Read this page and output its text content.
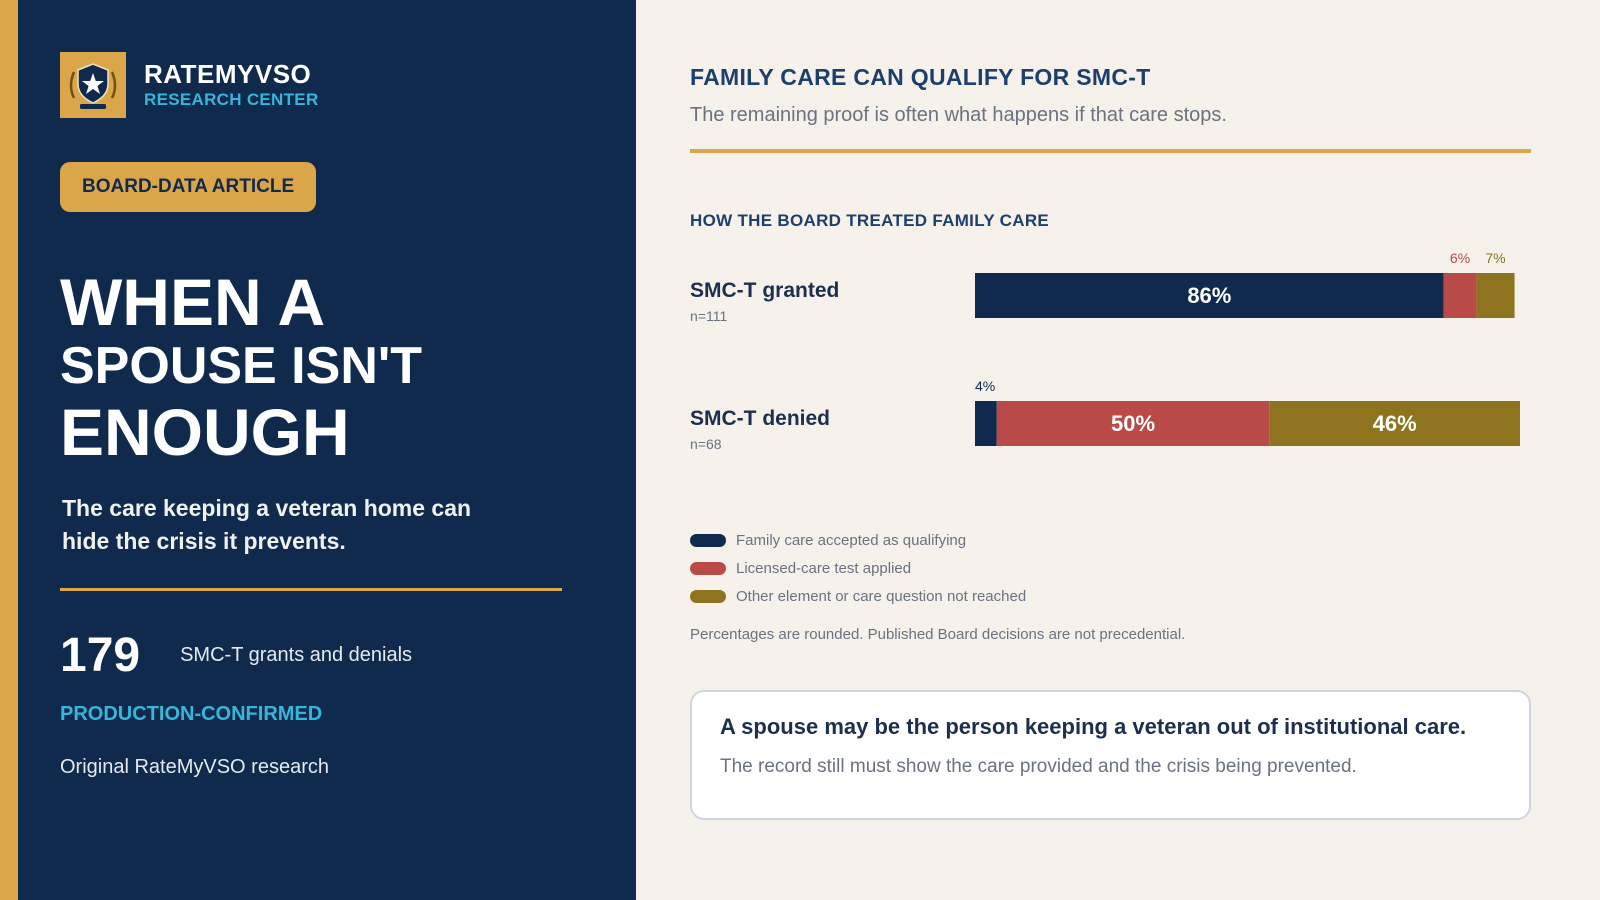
RATEMYVSO
RESEARCH CENTER
BOARD-DATA ARTICLE
WHEN A
SPOUSE ISN'T
ENOUGH
The care keeping a veteran home can hide the crisis it prevents.
179 SMC-T grants and denials
PRODUCTION-CONFIRMED
Original RateMyVSO research
FAMILY CARE CAN QUALIFY FOR SMC-T
The remaining proof is often what happens if that care stops.
HOW THE BOARD TREATED FAMILY CARE
SMC-T granted
n=111
86%
6% 7%
SMC-T denied
n=68
4%
50%	46%
Family care accepted as qualifying
Licensed-care test applied
Other element or care question not reached
Percentages are rounded. Published Board decisions are not precedential.
A spouse may be the person keeping a veteran out of institutional care.
The record still must show the care provided and the crisis being prevented.
